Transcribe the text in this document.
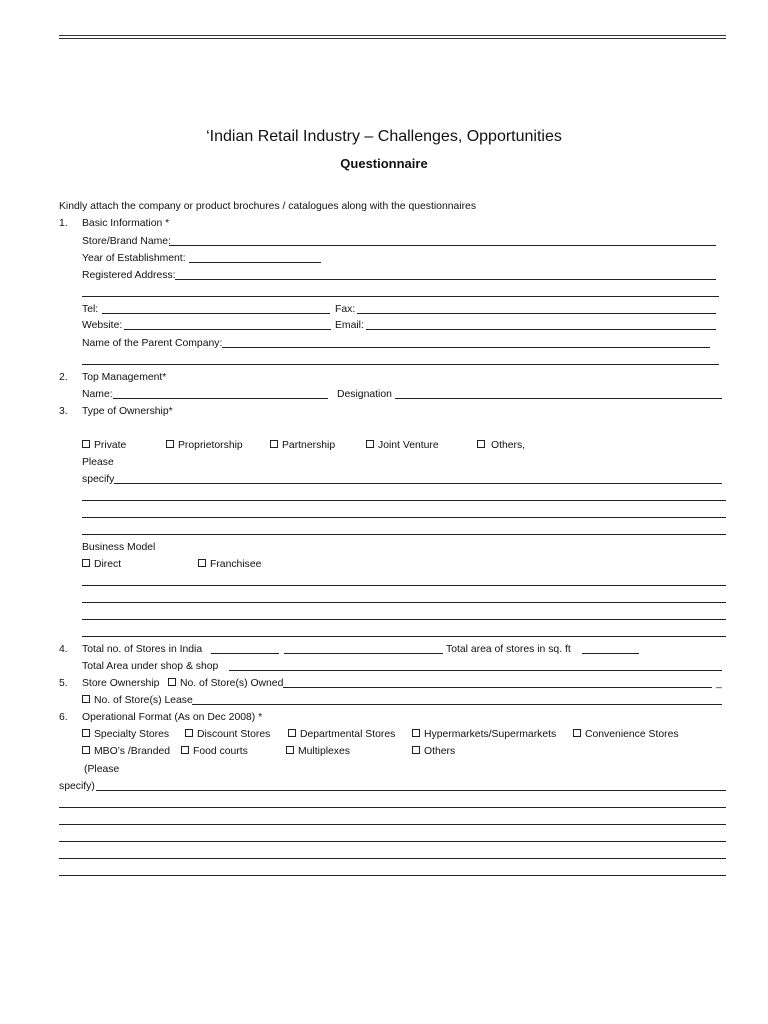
‘Indian Retail Industry – Challenges, Opportunities
Questionnaire
Kindly attach the company or product brochures / catalogues along with the questionnaires
1. Basic Information *
Store/Brand Name:
Year of Establishment:
Registered Address:
Tel:	Fax:
Website:	Email:
Name of the Parent Company:
2. Top Management*
Name:	Designation
3. Type of Ownership*
Private	Proprietorship	Partnership	Joint Venture	Others,
Please
specify
Business Model
Direct	Franchisee
4. Total no. of Stores in India	Total area of stores in sq. ft
Total Area under shop & shop
5. Store Ownership	No. of Store(s) Owned	_
No. of Store(s) Lease
6. Operational Format (As on Dec 2008) *
Specialty Stores	Discount Stores	Departmental Stores	Hypermarkets/Supermarkets	Convenience Stores
MBO’s /Branded	Food courts	Multiplexes	Others
(Please
specify)
